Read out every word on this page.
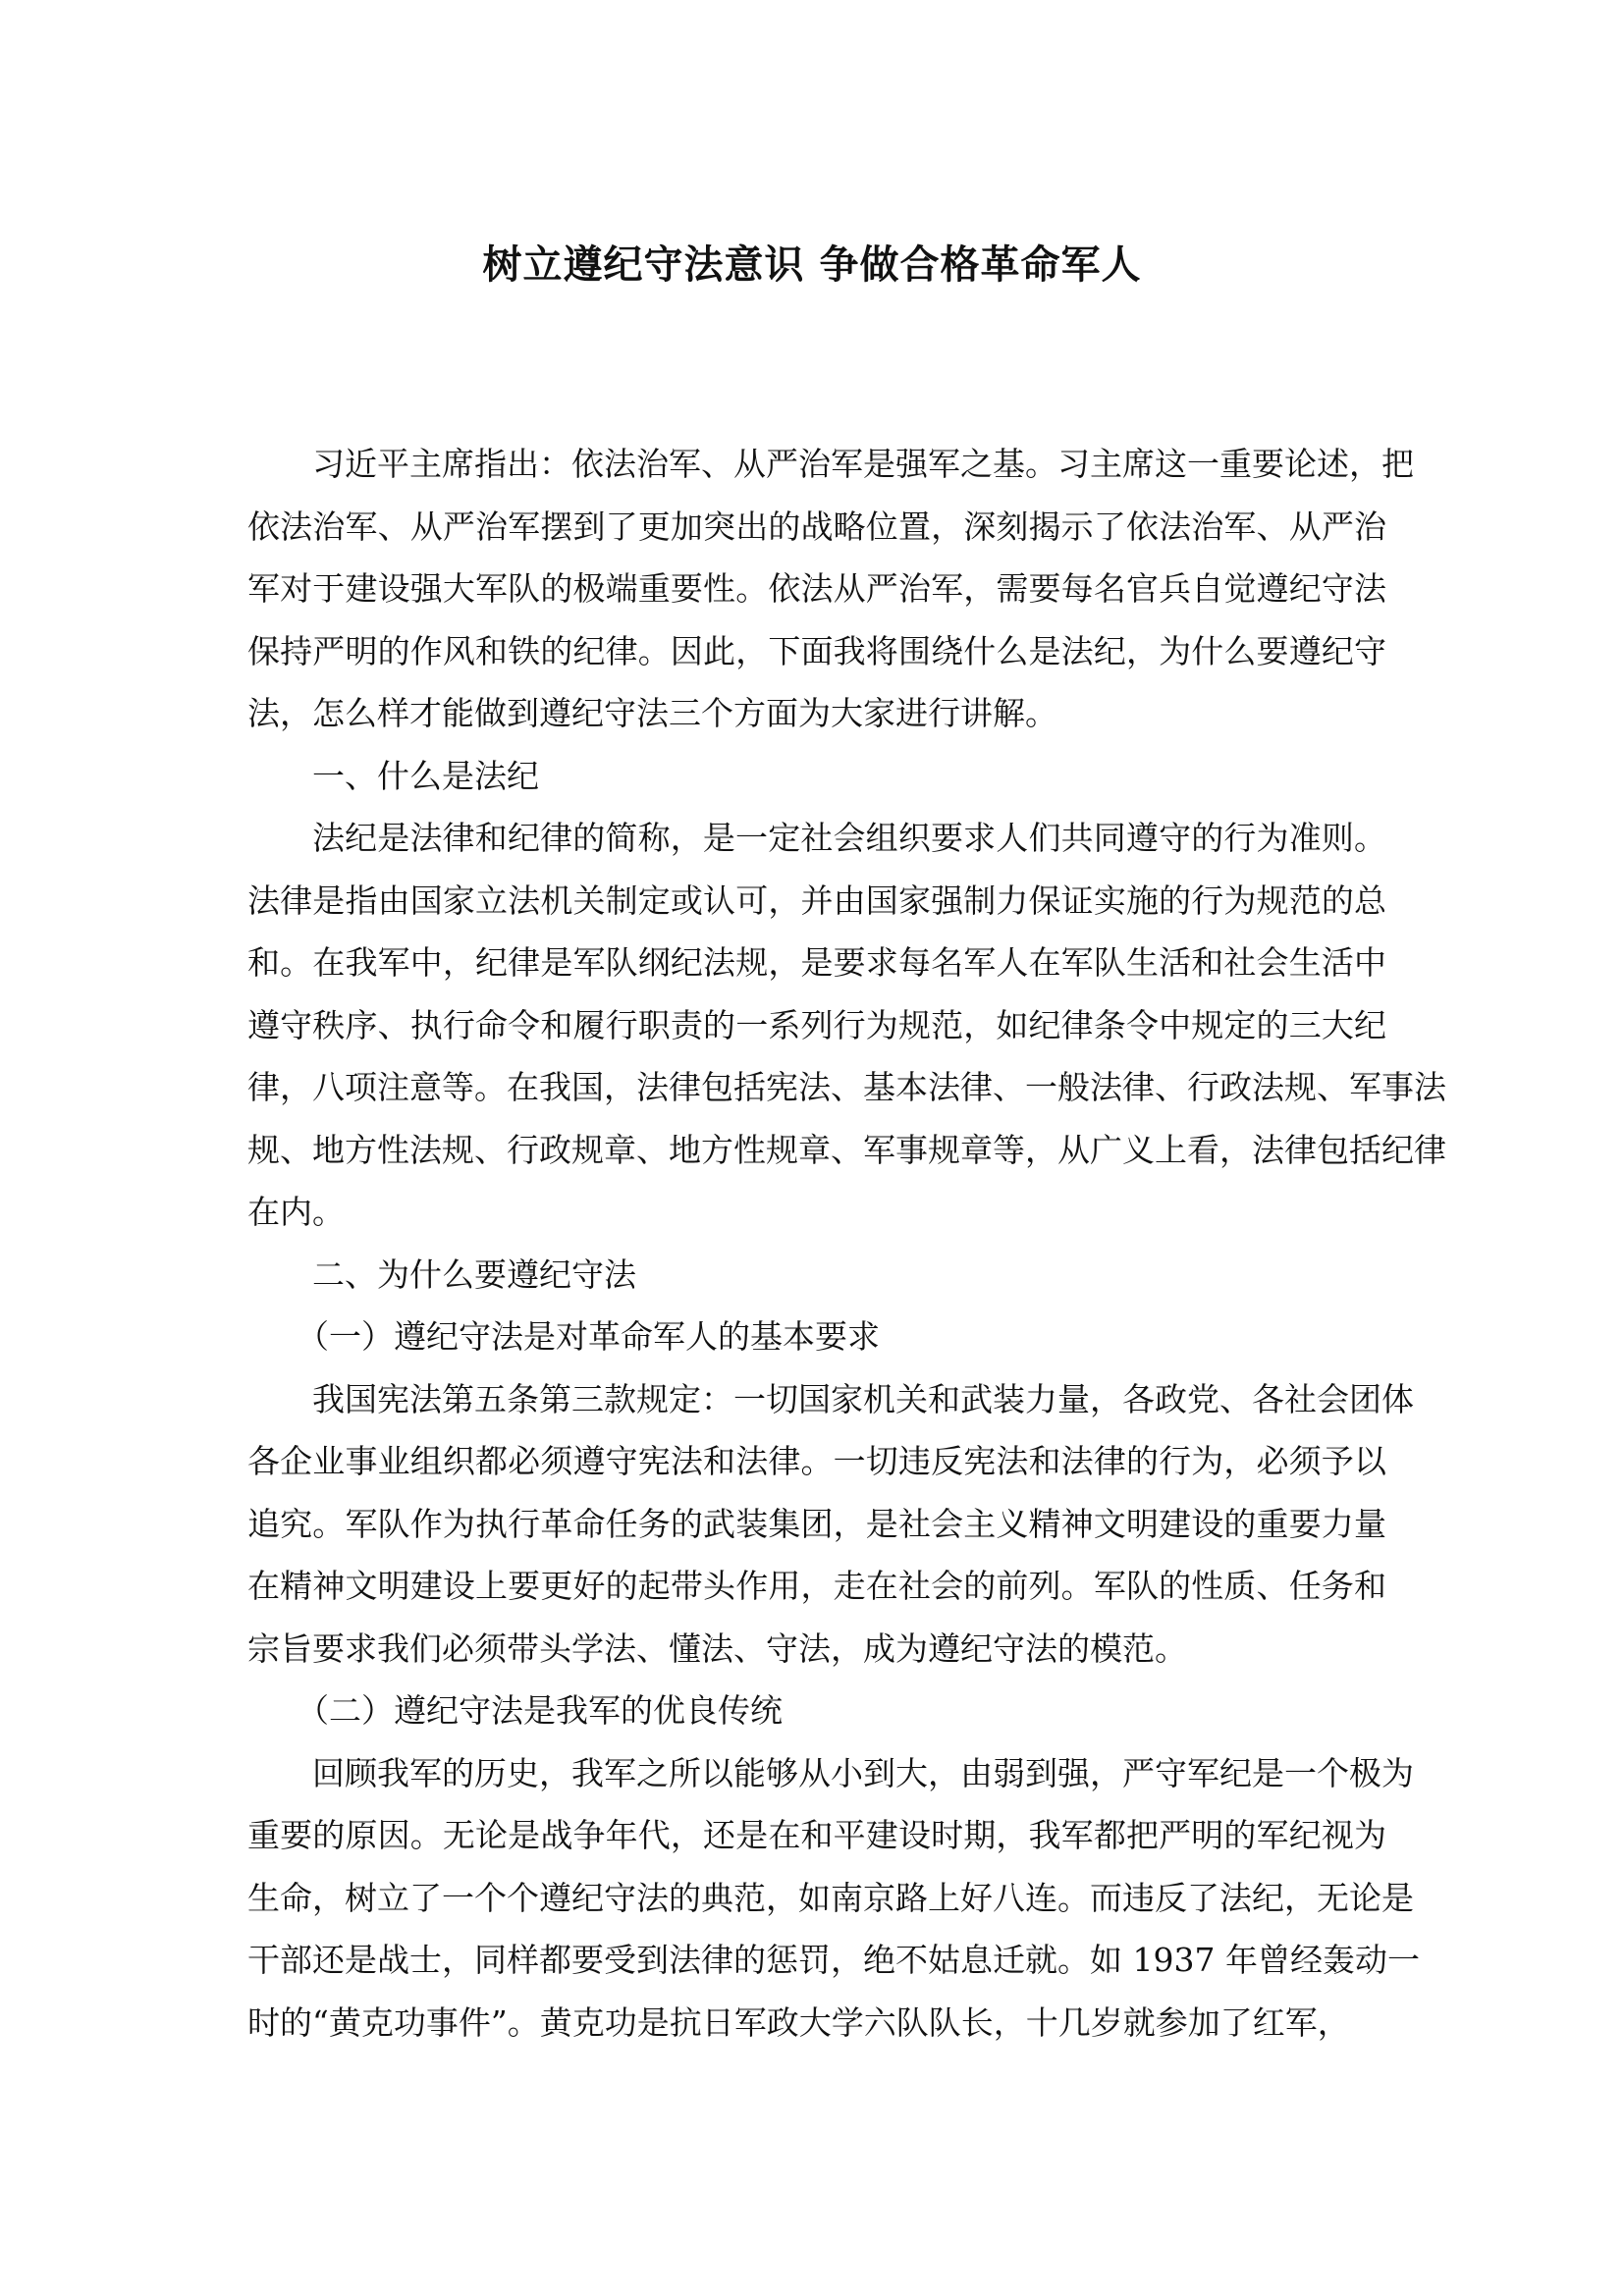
树立遵纪守法意识 争做合格革命军人
习近平主席指出：依法治军、从严治军是强军之基。习主席这一重要论述，把
依法治军、从严治军摆到了更加突出的战略位置，深刻揭示了依法治军、从严治
军对于建设强大军队的极端重要性。依法从严治军，需要每名官兵自觉遵纪守法
保持严明的作风和铁的纪律。因此，下面我将围绕什么是法纪，为什么要遵纪守
法，怎么样才能做到遵纪守法三个方面为大家进行讲解。
一、什么是法纪
法纪是法律和纪律的简称，是一定社会组织要求人们共同遵守的行为准则。
法律是指由国家立法机关制定或认可，并由国家强制力保证实施的行为规范的总
和。在我军中，纪律是军队纲纪法规，是要求每名军人在军队生活和社会生活中
遵守秩序、执行命令和履行职责的一系列行为规范，如纪律条令中规定的三大纪
律，八项注意等。在我国，法律包括宪法、基本法律、一般法律、行政法规、军事法
规、地方性法规、行政规章、地方性规章、军事规章等，从广义上看，法律包括纪律
在内。
二、为什么要遵纪守法
（一）遵纪守法是对革命军人的基本要求
我国宪法第五条第三款规定：一切国家机关和武装力量，各政党、各社会团体
各企业事业组织都必须遵守宪法和法律。一切违反宪法和法律的行为，必须予以
追究。军队作为执行革命任务的武装集团，是社会主义精神文明建设的重要力量
在精神文明建设上要更好的起带头作用，走在社会的前列。军队的性质、任务和
宗旨要求我们必须带头学法、懂法、守法，成为遵纪守法的模范。
（二）遵纪守法是我军的优良传统
回顾我军的历史，我军之所以能够从小到大，由弱到强，严守军纪是一个极为
重要的原因。无论是战争年代，还是在和平建设时期，我军都把严明的军纪视为
生命，树立了一个个遵纪守法的典范，如南京路上好八连。而违反了法纪，无论是
干部还是战士，同样都要受到法律的惩罚，绝不姑息迁就。如 1937 年曾经轰动一
时的“黄克功事件”。黄克功是抗日军政大学六队队长，十几岁就参加了红军，
